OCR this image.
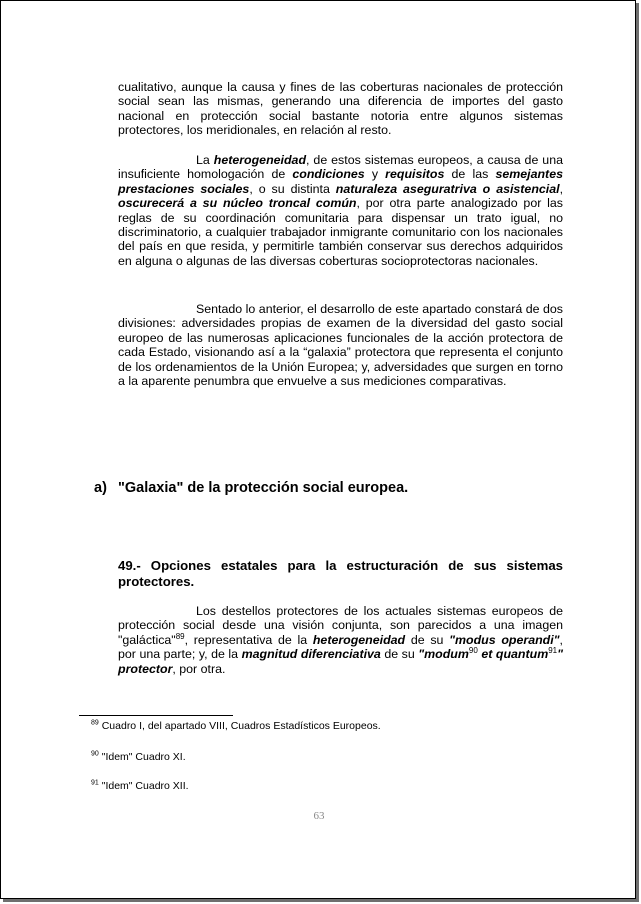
cualitativo, aunque la causa y fines de las coberturas nacionales de protección social sean las mismas, generando una diferencia de importes del gasto nacional en protección social bastante notoria entre algunos sistemas protectores, los meridionales, en relación al resto.

La heterogeneidad, de estos sistemas europeos, a causa de una insuficiente homologación de condiciones y requisitos de las semejantes prestaciones sociales, o su distinta naturaleza aseguratriva o asistencial, oscurecerá a su núcleo troncal común, por otra parte analogizado por las reglas de su coordinación comunitaria para dispensar un trato igual, no discriminatorio, a cualquier trabajador inmigrante comunitario con los nacionales del país en que resida, y permitirle también conservar sus derechos adquiridos en alguna o algunas de las diversas coberturas socioprotectoras nacionales.

Sentado lo anterior, el desarrollo de este apartado constará de dos divisiones: adversidades propias de examen de la diversidad del gasto social europeo de las numerosas aplicaciones funcionales de la acción protectora de cada Estado, visionando así a la “galaxia” protectora que representa el conjunto de los ordenamientos de la Unión Europea; y, adversidades que surgen en torno a la aparente penumbra que envuelve a sus mediciones comparativas.

a) "Galaxia" de la protección social europea.

49.- Opciones estatales para la estructuración de sus sistemas protectores.

Los destellos protectores de los actuales sistemas europeos de protección social desde una visión conjunta, son parecidos a una imagen "galáctica"$^{89}$, representativa de la heterogeneidad de su "modus operandi", por una parte; y, de la magnitud diferenciativa de su "modum$^{90}$ et quantum$^{91}$" protector, por otra.

$^{89}$ Cuadro I, del apartado VIII, Cuadros Estadísticos Europeos.

$^{90}$ "Idem" Cuadro XI.

$^{91}$ "Idem" Cuadro XII.

63
